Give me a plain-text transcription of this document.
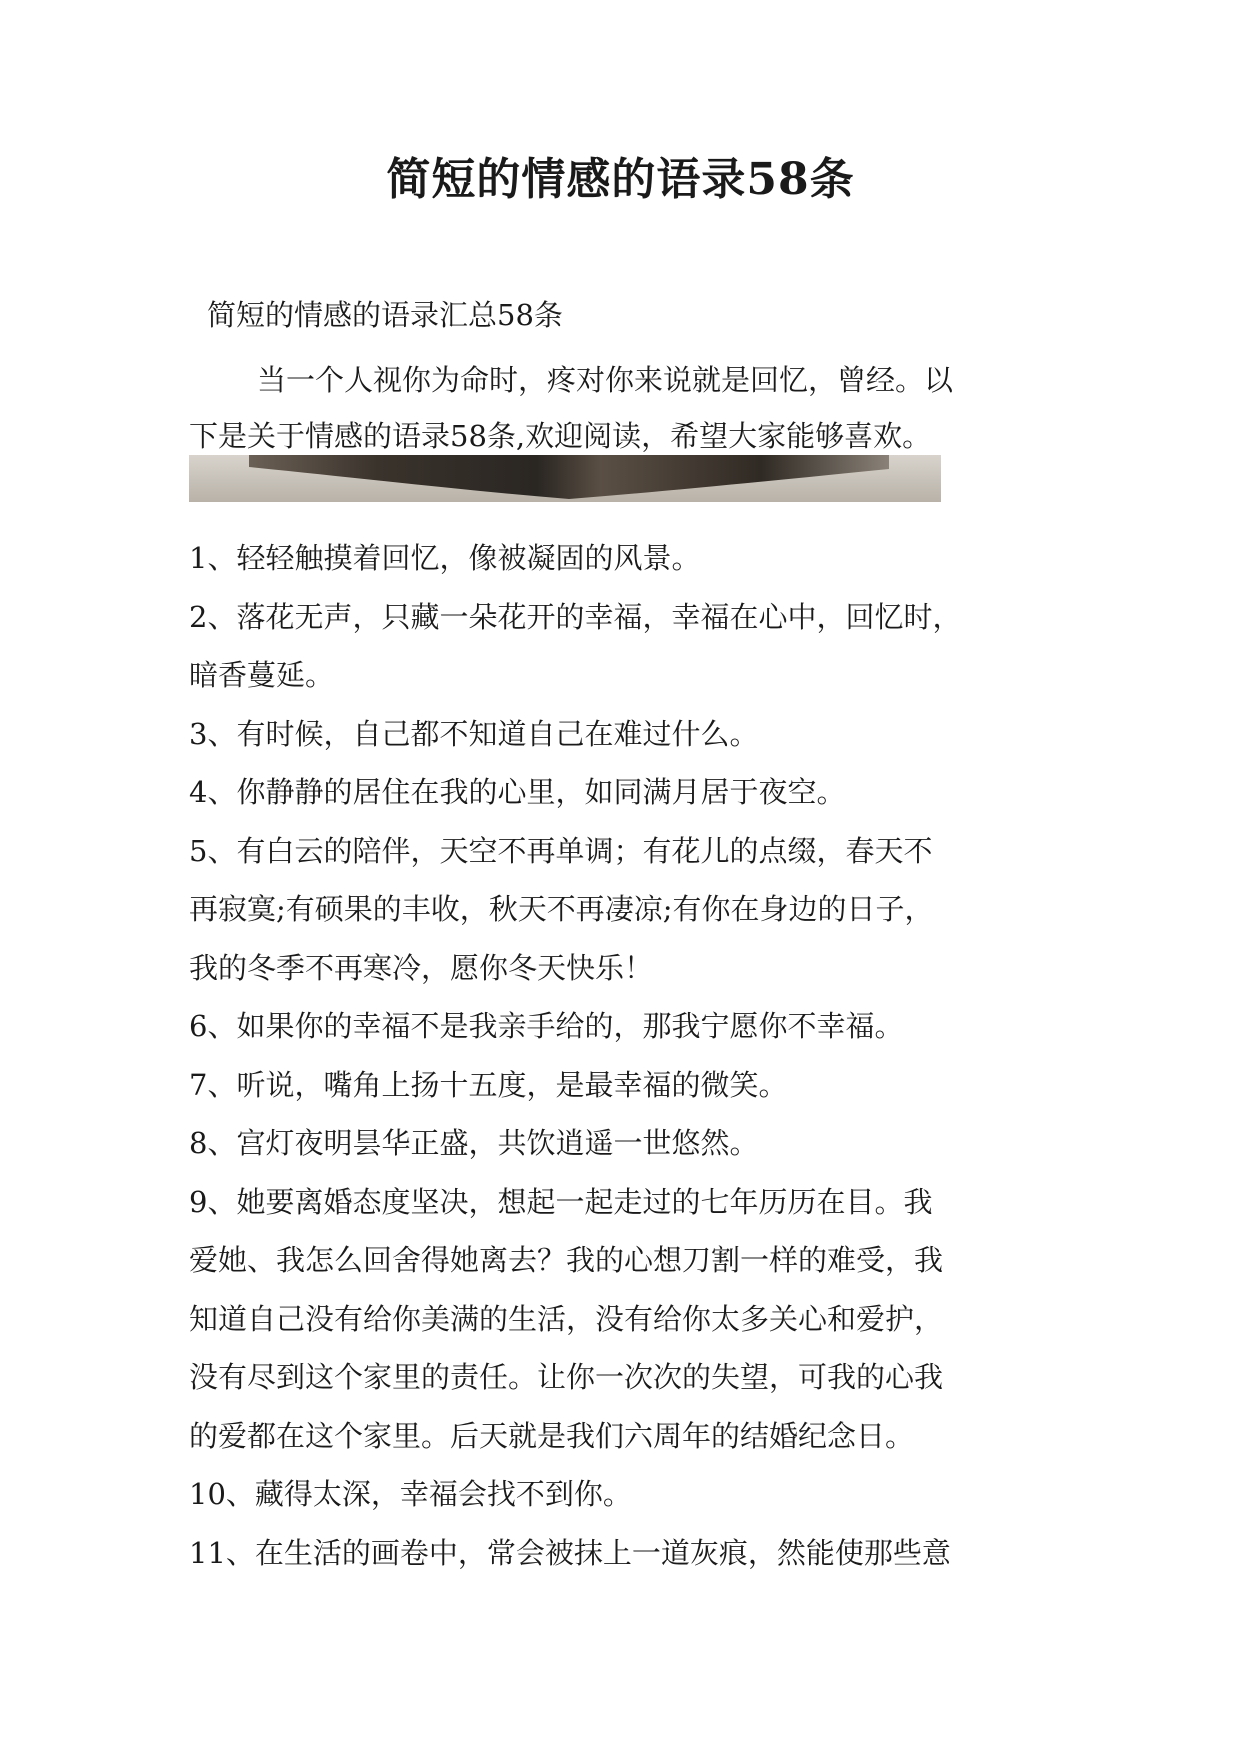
简短的情感的语录58条
简短的情感的语录汇总58条
当一个人视你为命时，疼对你来说就是回忆，曾经。以
下是关于情感的语录58条,欢迎阅读，希望大家能够喜欢。
1、轻轻触摸着回忆，像被凝固的风景。
2、落花无声，只藏一朵花开的幸福，幸福在心中，回忆时，
暗香蔓延。
3、有时候，自己都不知道自己在难过什么。
4、你静静的居住在我的心里，如同满月居于夜空。
5、有白云的陪伴，天空不再单调；有花儿的点缀，春天不
再寂寞;有硕果的丰收，秋天不再凄凉;有你在身边的日子，
我的冬季不再寒冷，愿你冬天快乐！
6、如果你的幸福不是我亲手给的，那我宁愿你不幸福。
7、听说，嘴角上扬十五度，是最幸福的微笑。
8、宫灯夜明昙华正盛，共饮逍遥一世悠然。
9、她要离婚态度坚决，想起一起走过的七年历历在目。我
爱她、我怎么回舍得她离去？我的心想刀割一样的难受，我
知道自己没有给你美满的生活，没有给你太多关心和爱护，
没有尽到这个家里的责任。让你一次次的失望，可我的心我
的爱都在这个家里。后天就是我们六周年的结婚纪念日。
10、藏得太深，幸福会找不到你。
11、在生活的画卷中，常会被抹上一道灰痕，然能使那些意
